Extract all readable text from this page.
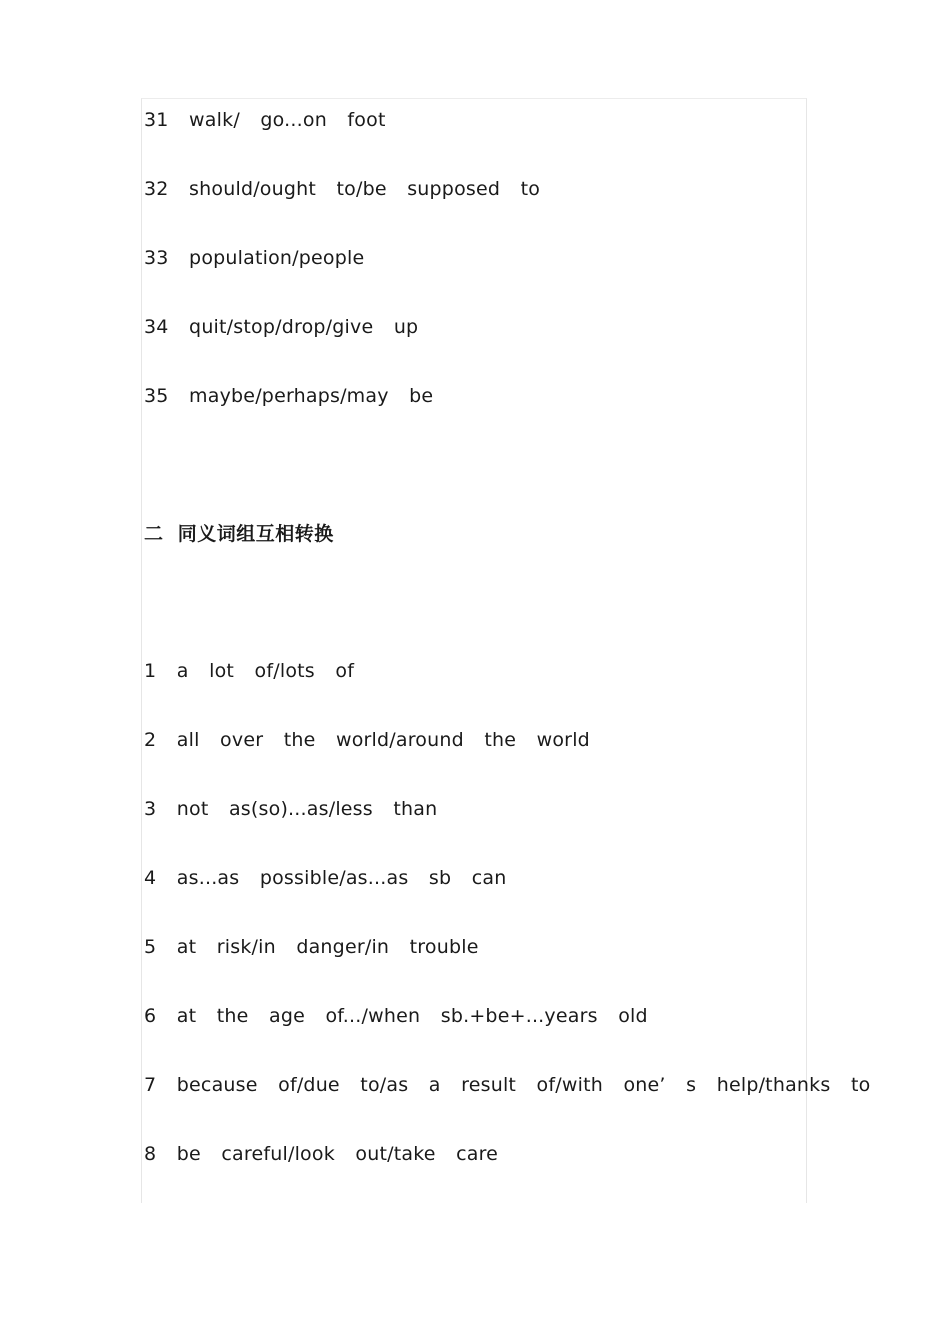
31  walk/  go...on  foot
32  should/ought  to/be  supposed  to
33  population/people
34  quit/stop/drop/give  up
35  maybe/perhaps/may  be
二  同义词组互相转换
1  a  lot  of/lots  of
2  all  over  the  world/around  the  world
3  not  as(so)...as/less  than
4  as...as  possible/as...as  sb  can
5  at  risk/in  danger/in  trouble
6  at  the  age  of.../when  sb.+be+...years  old
7  because  of/due  to/as  a  result  of/with  one’  s  help/thanks  to
8  be  careful/look  out/take  care
